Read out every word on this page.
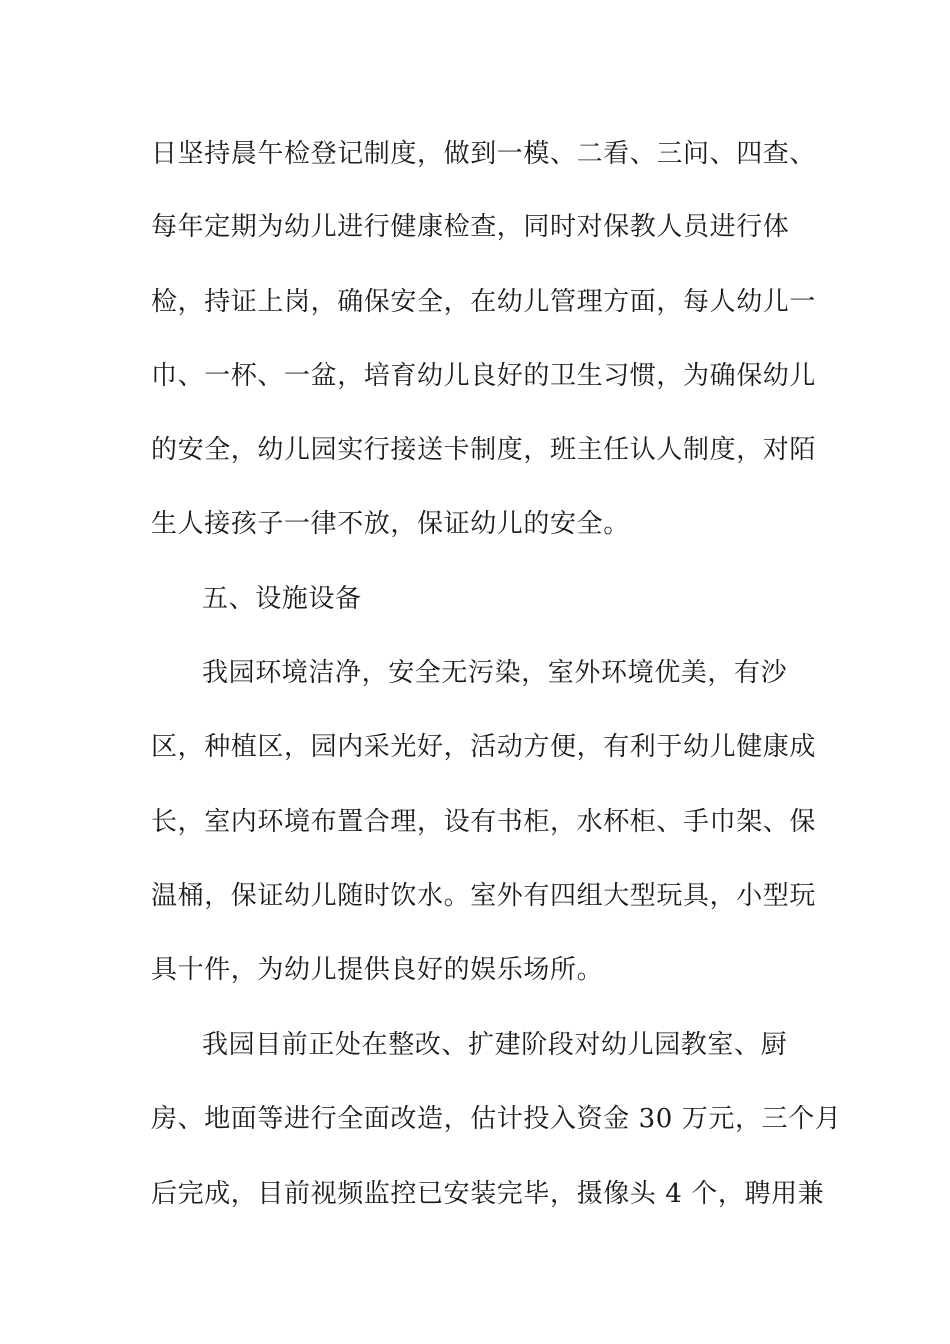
日坚持晨午检登记制度，做到一模、二看、三问、四查、
每年定期为幼儿进行健康检查，同时对保教人员进行体
检，持证上岗，确保安全，在幼儿管理方面，每人幼儿一
巾、一杯、一盆，培育幼儿良好的卫生习惯，为确保幼儿
的安全，幼儿园实行接送卡制度，班主任认人制度，对陌
生人接孩子一律不放，保证幼儿的安全。
五、设施设备
我园环境洁净，安全无污染，室外环境优美，有沙
区，种植区，园内采光好，活动方便，有利于幼儿健康成
长，室内环境布置合理，设有书柜，水杯柜、手巾架、保
温桶，保证幼儿随时饮水。室外有四组大型玩具，小型玩
具十件，为幼儿提供良好的娱乐场所。
我园目前正处在整改、扩建阶段对幼儿园教室、厨
房、地面等进行全面改造，估计投入资金 30 万元，三个月
后完成，目前视频监控已安装完毕，摄像头 4 个，聘用兼
